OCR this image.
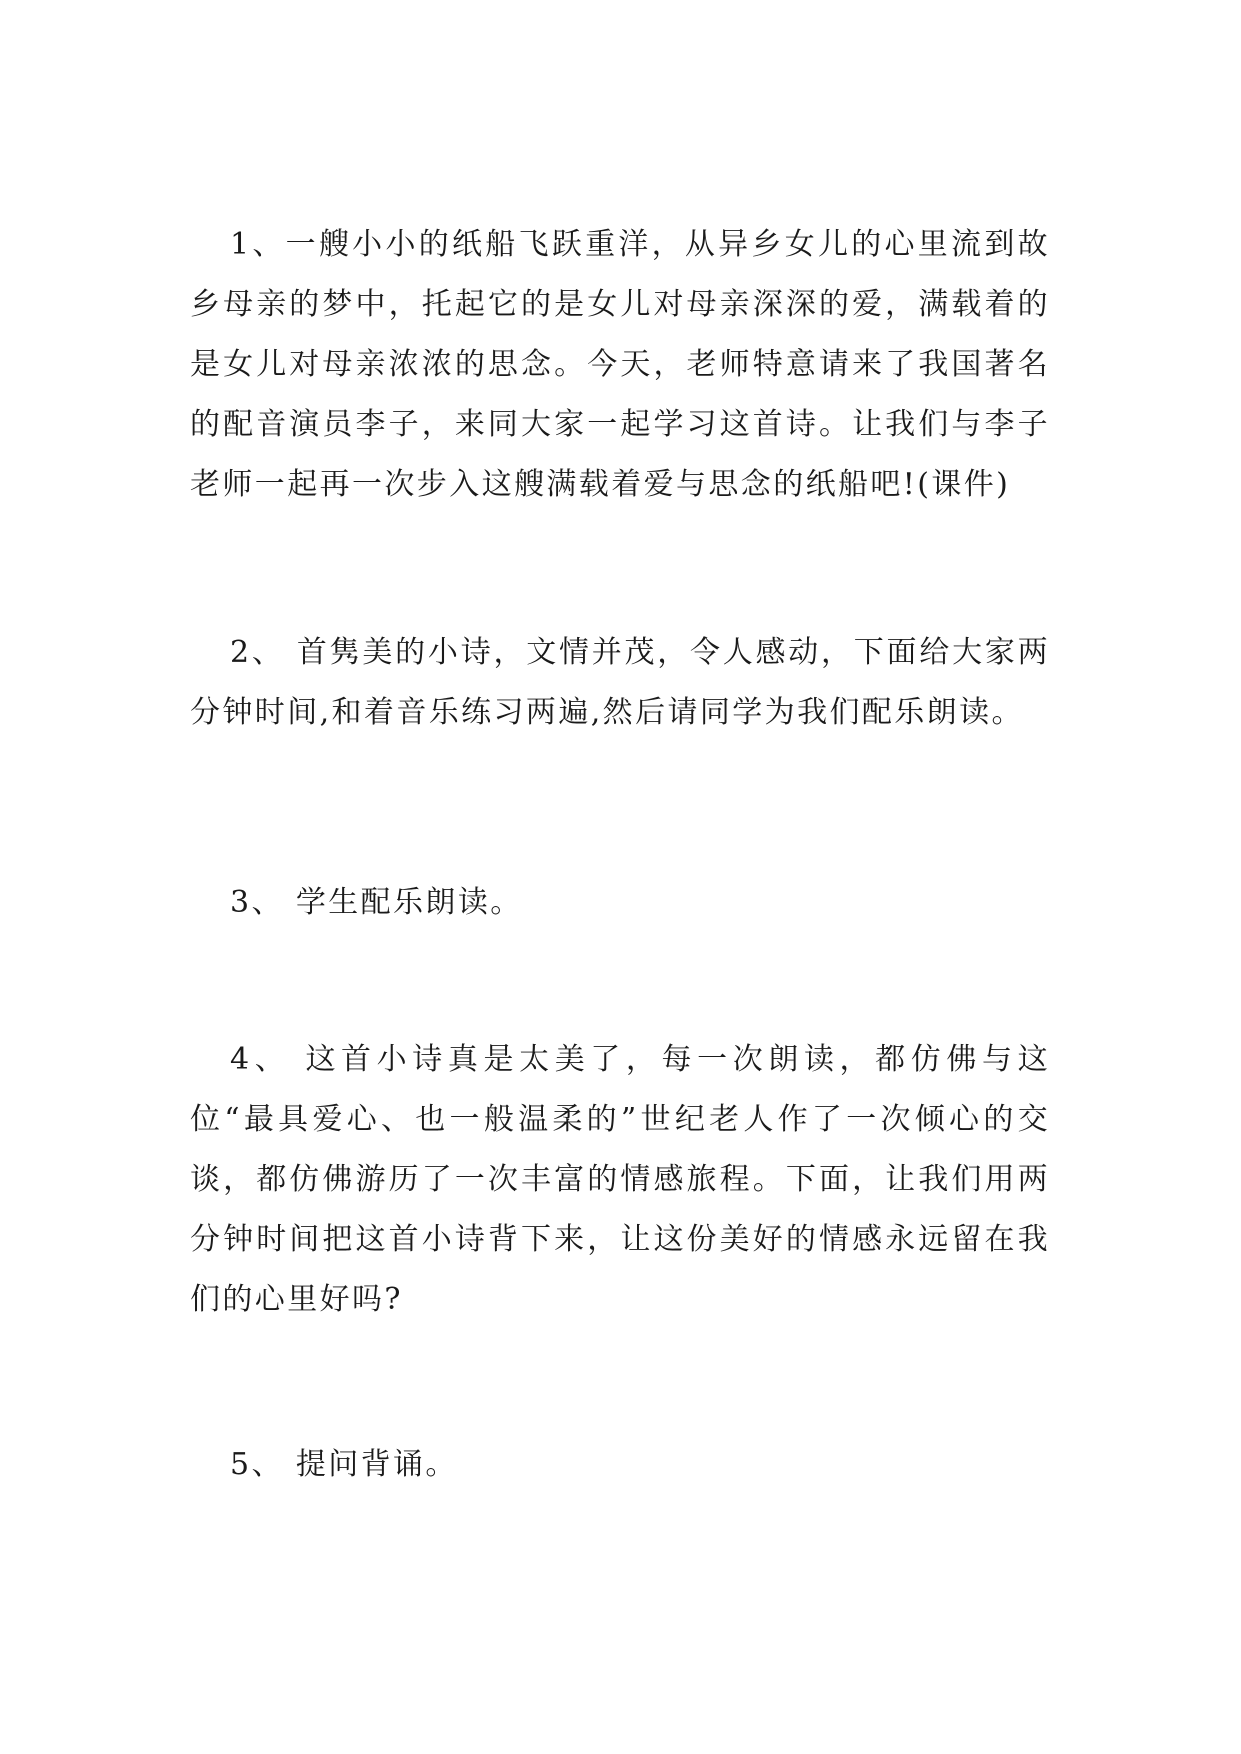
1、一艘小小的纸船飞跃重洋，从异乡女儿的心里流到故乡母亲的梦中，托起它的是女儿对母亲深深的爱，满载着的是女儿对母亲浓浓的思念。今天，老师特意请来了我国著名的配音演员李子，来同大家一起学习这首诗。让我们与李子老师一起再一次步入这艘满载着爱与思念的纸船吧!(课件)

2、 首隽美的小诗，文情并茂，令人感动，下面给大家两分钟时间,和着音乐练习两遍,然后请同学为我们配乐朗读。

3、 学生配乐朗读。

4、 这首小诗真是太美了，每一次朗读，都仿佛与这位“最具爱心、也一般温柔的”世纪老人作了一次倾心的交谈，都仿佛游历了一次丰富的情感旅程。下面，让我们用两分钟时间把这首小诗背下来，让这份美好的情感永远留在我们的心里好吗?

5、 提问背诵。
